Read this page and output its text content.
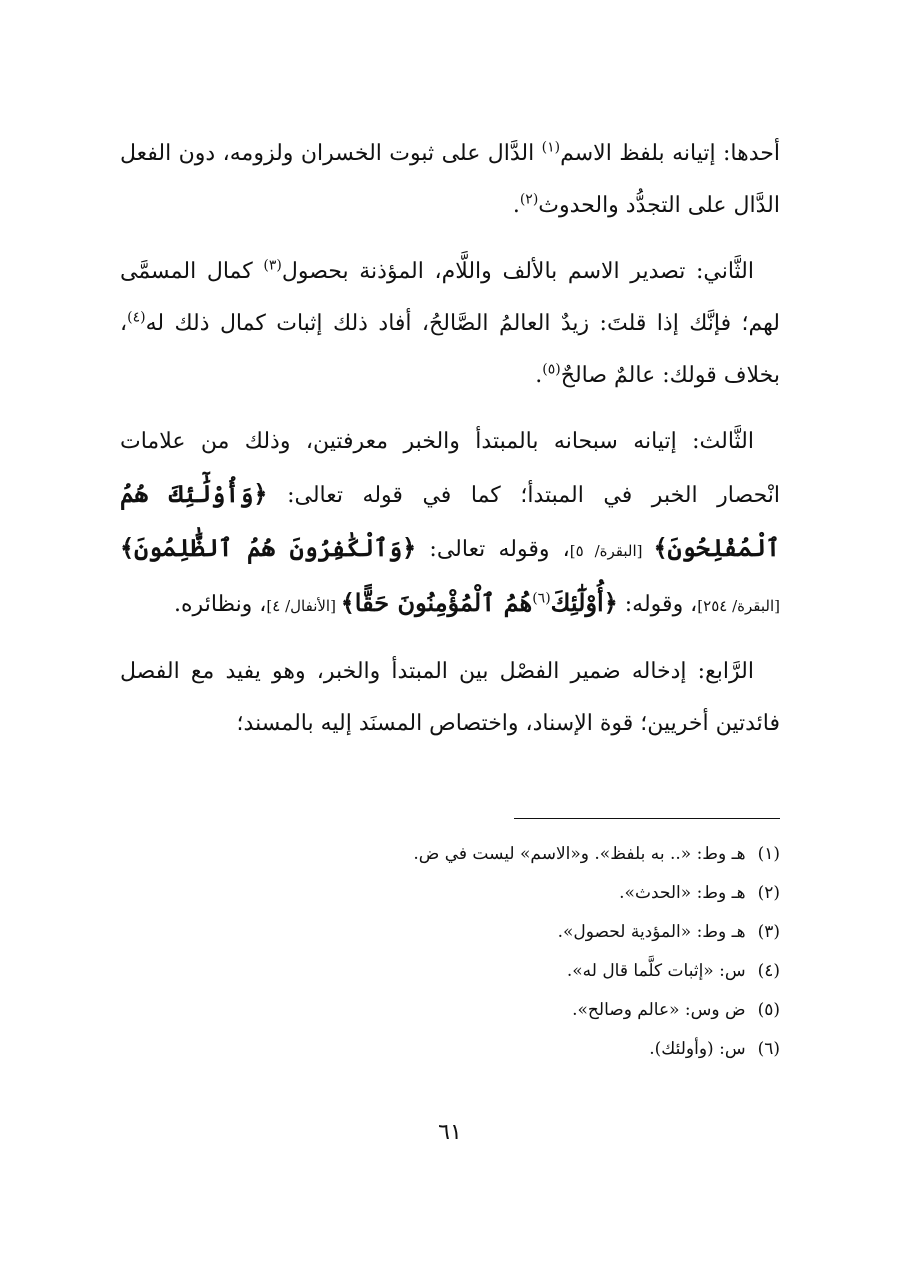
أحدها: إتيانه بلفظ الاسم$^{(١)}$ الدَّال على ثبوت الخسران ولزومه، دون الفعل الدَّال على التجدُّد والحدوث$^{(٢)}$.

الثَّاني: تصدير الاسم بالألف واللَّام، المؤذنة بحصول$^{(٣)}$ كمال المسمَّى لهم؛ فإنَّك إذا قلتَ: زيدٌ العالمُ الصَّالحُ، أفاد ذلك إثبات كمال ذلك له$^{(٤)}$، بخلاف قولك: عالمٌ صالحٌ$^{(٥)}$.

الثَّالث: إتيانه سبحانه بالمبتدأ والخبر معرفتين، وذلك من علامات انْحصار الخبر في المبتدأ؛ كما في قوله تعالى: ﴿وَأُوْلَٰٓئِكَ هُمُ ٱلْمُفْلِحُونَ﴾ [البقرة/ ٥]، وقوله تعالى: ﴿وَٱلْكَٰفِرُونَ هُمُ ٱلظَّٰلِمُونَ﴾ [البقرة/ ٢٥٤]، وقوله: ﴿أُوْلَٰٓئِكَ$^{(٦)}$هُمُ ٱلْمُؤْمِنُونَ حَقًّا﴾ [الأنفال/ ٤]، ونظائره.

الرَّابع: إدخاله ضمير الفصْل بين المبتدأ والخبر، وهو يفيد مع الفصل فائدتين أخريين؛ قوة الإسناد، واختصاص المسنَد إليه بالمسند؛

(١)
هـ وط: «.. به بلفظ». و«الاسم» ليست في ض.
(٢)
هـ وط: «الحدث».
(٣)
هـ وط: «المؤدية لحصول».
(٤)
س: «إثبات كلَّما قال له».
(٥)
ض وس: «عالم وصالح».
(٦)
س: (وأولئك).
٦١
